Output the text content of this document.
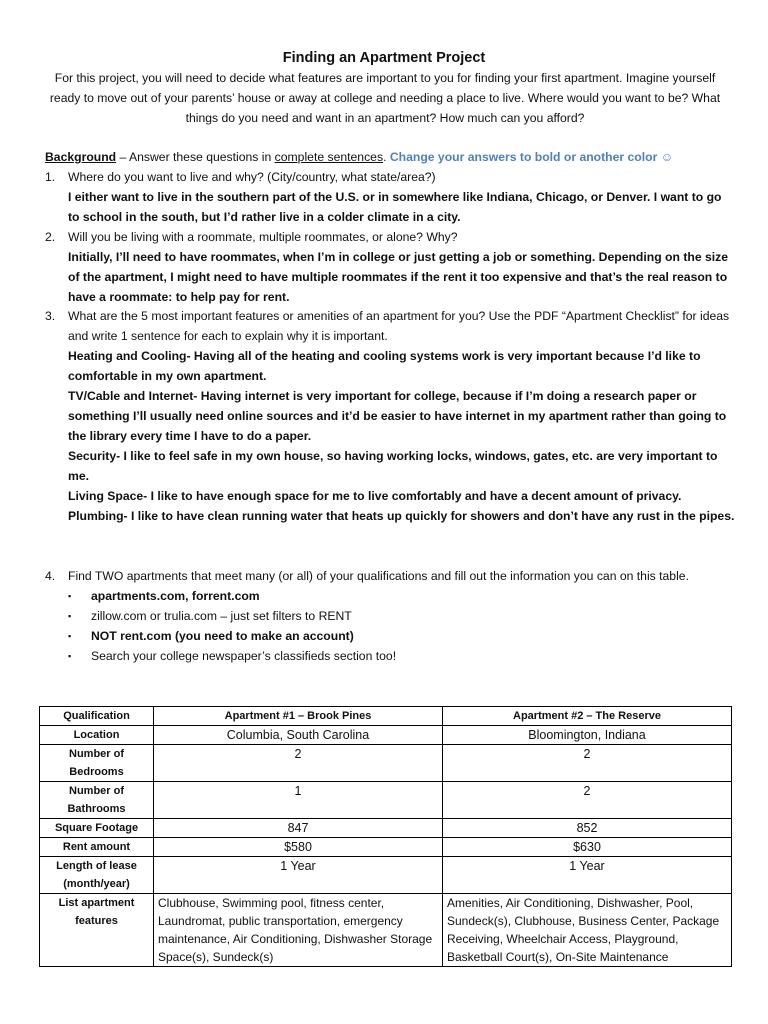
Finding an Apartment Project
For this project, you will need to decide what features are important to you for finding your first apartment. Imagine yourself ready to move out of your parents’ house or away at college and needing a place to live. Where would you want to be? What things do you need and want in an apartment? How much can you afford?
Background – Answer these questions in complete sentences. Change your answers to bold or another color ☺
1. Where do you want to live and why? (City/country, what state/area?)
I either want to live in the southern part of the U.S. or in somewhere like Indiana, Chicago, or Denver. I want to go to school in the south, but I’d rather live in a colder climate in a city.
2. Will you be living with a roommate, multiple roommates, or alone? Why?
Initially, I’ll need to have roommates, when I’m in college or just getting a job or something. Depending on the size of the apartment, I might need to have multiple roommates if the rent it too expensive and that’s the real reason to have a roommate: to help pay for rent.
3. What are the 5 most important features or amenities of an apartment for you? Use the PDF “Apartment Checklist” for ideas and write 1 sentence for each to explain why it is important.
Heating and Cooling- Having all of the heating and cooling systems work is very important because I’d like to comfortable in my own apartment.
TV/Cable and Internet- Having internet is very important for college, because if I’m doing a research paper or something I’ll usually need online sources and it’d be easier to have internet in my apartment rather than going to the library every time I have to do a paper.
Security- I like to feel safe in my own house, so having working locks, windows, gates, etc. are very important to me.
Living Space- I like to have enough space for me to live comfortably and have a decent amount of privacy.
Plumbing- I like to have clean running water that heats up quickly for showers and don’t have any rust in the pipes.
4. Find TWO apartments that meet many (or all) of your qualifications and fill out the information you can on this table.
▪ apartments.com, forrent.com
▪ zillow.com or trulia.com – just set filters to RENT
▪ NOT rent.com (you need to make an account)
▪ Search your college newspaper’s classifieds section too!
Qualification	Apartment #1 – Brook Pines	Apartment #2 – The Reserve
Location	Columbia, South Carolina	Bloomington, Indiana
Number of Bedrooms	2	2
Number of Bathrooms	1	2
Square Footage	847	852
Rent amount	$580	$630
Length of lease (month/year)	1 Year	1 Year
List apartment features	Clubhouse, Swimming pool, fitness center, Laundromat, public transportation, emergency maintenance, Air Conditioning, Dishwasher Storage Space(s), Sundeck(s)	Amenities, Air Conditioning, Dishwasher, Pool, Sundeck(s), Clubhouse, Business Center, Package Receiving, Wheelchair Access, Playground, Basketball Court(s), On-Site Maintenance
